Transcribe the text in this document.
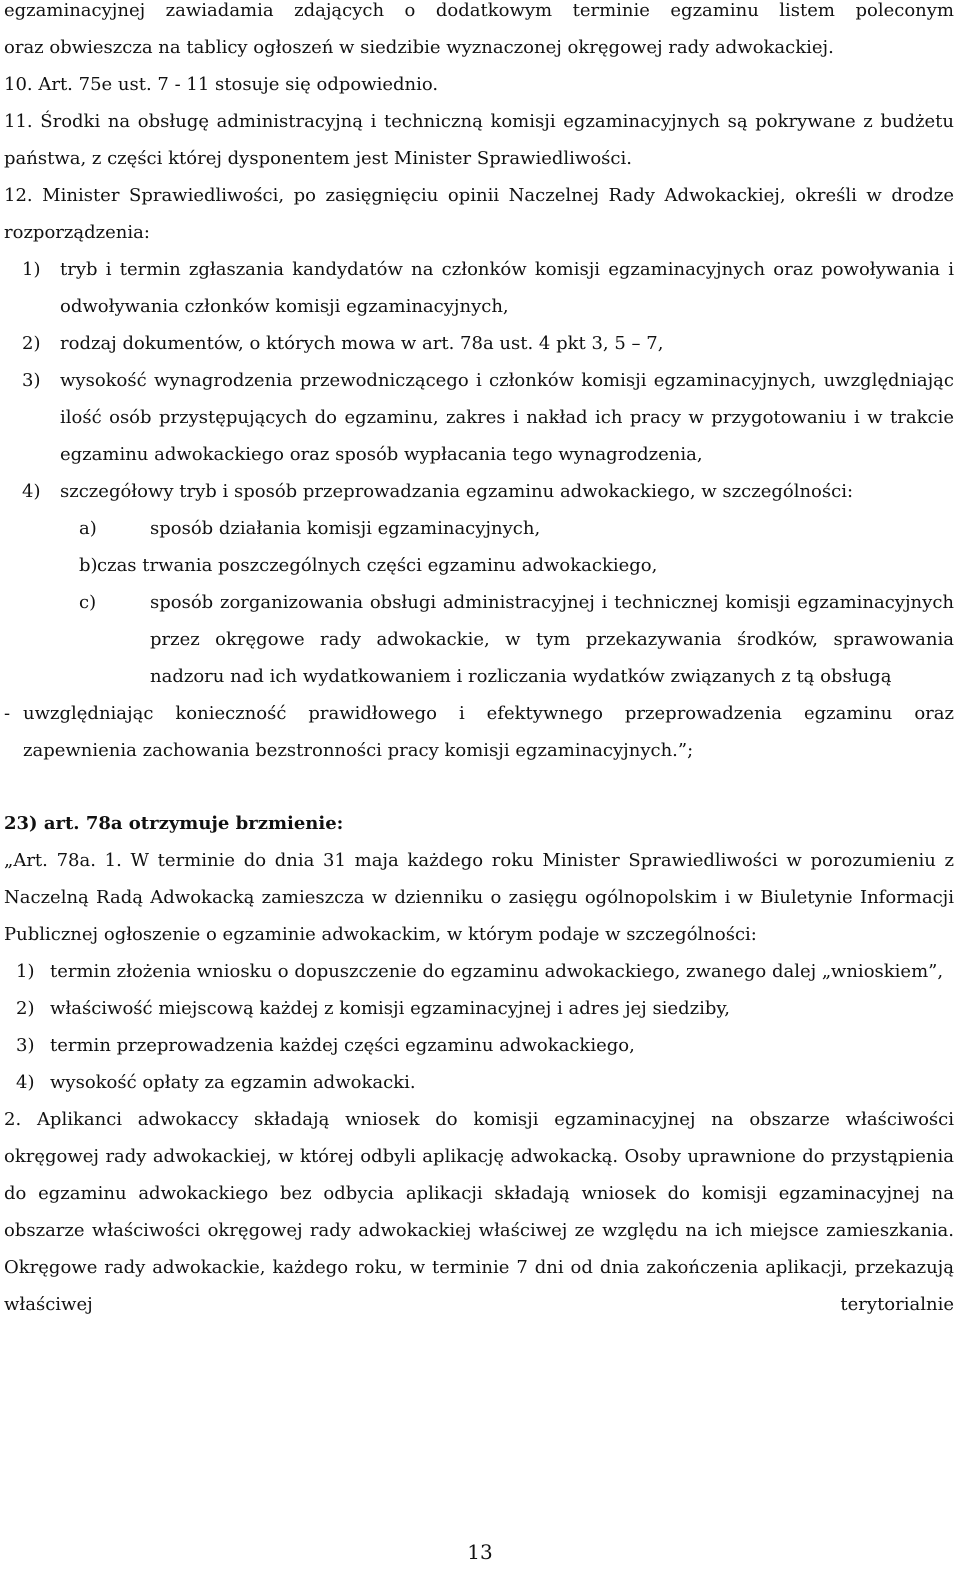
egzaminacyjnej zawiadamia zdających o dodatkowym terminie egzaminu listem poleconym

oraz obwieszcza na tablicy ogłoszeń w siedzibie wyznaczonej okręgowej rady adwokackiej.

10. Art. 75e ust. 7 - 11 stosuje się odpowiednio.

11. Środki na obsługę administracyjną i techniczną komisji egzaminacyjnych są pokrywane z budżetu państwa, z części której dysponentem jest Minister Sprawiedliwości.

12. Minister Sprawiedliwości, po zasięgnięciu opinii Naczelnej Rady Adwokackiej, określi w drodze rozporządzenia:

1)	tryb i termin zgłaszania kandydatów na członków komisji egzaminacyjnych oraz powoływania i odwoływania członków komisji egzaminacyjnych,
2)	rodzaj dokumentów, o których mowa w art. 78a ust. 4 pkt 3, 5 – 7,
3)	wysokość wynagrodzenia przewodniczącego i członków komisji egzaminacyjnych, uwzględniając ilość osób przystępujących do egzaminu, zakres i nakład ich pracy w przygotowaniu i w trakcie egzaminu adwokackiego oraz sposób wypłacania tego wynagrodzenia,
4)	szczegółowy tryb i sposób przeprowadzania egzaminu adwokackiego, w szczególności:
a)	sposób działania komisji egzaminacyjnych,
b) czas trwania poszczególnych części egzaminu adwokackiego,
c)	sposób zorganizowania obsługi administracyjnej i technicznej komisji egzaminacyjnych przez okręgowe rady adwokackie, w tym przekazywania środków, sprawowania nadzoru nad ich wydatkowaniem i rozliczania wydatków związanych z tą obsługą
- uwzględniając konieczność prawidłowego i efektywnego przeprowadzenia egzaminu oraz zapewnienia zachowania bezstronności pracy komisji egzaminacyjnych.”;

23) art. 78a otrzymuje brzmienie:

„Art. 78a. 1. W terminie do dnia 31 maja każdego roku Minister Sprawiedliwości w porozumieniu z Naczelną Radą Adwokacką zamieszcza w dzienniku o zasięgu ogólnopolskim i w Biuletynie Informacji Publicznej ogłoszenie o egzaminie adwokackim, w którym podaje w szczególności:

1) termin złożenia wniosku o dopuszczenie do egzaminu adwokackiego, zwanego dalej „wnioskiem”,
2) właściwość miejscową każdej z komisji egzaminacyjnej i adres jej siedziby,
3) termin przeprowadzenia każdej części egzaminu adwokackiego,
4) wysokość opłaty za egzamin adwokacki.

2. Aplikanci adwokaccy składają wniosek do komisji egzaminacyjnej na obszarze właściwości okręgowej rady adwokackiej, w której odbyli aplikację adwokacką. Osoby uprawnione do przystąpienia do egzaminu adwokackiego bez odbycia aplikacji składają wniosek do komisji egzaminacyjnej na obszarze właściwości okręgowej rady adwokackiej właściwej ze względu na ich miejsce zamieszkania. Okręgowe rady adwokackie, każdego roku, w terminie 7 dni od dnia zakończenia aplikacji, przekazują właściwej terytorialnie

13
